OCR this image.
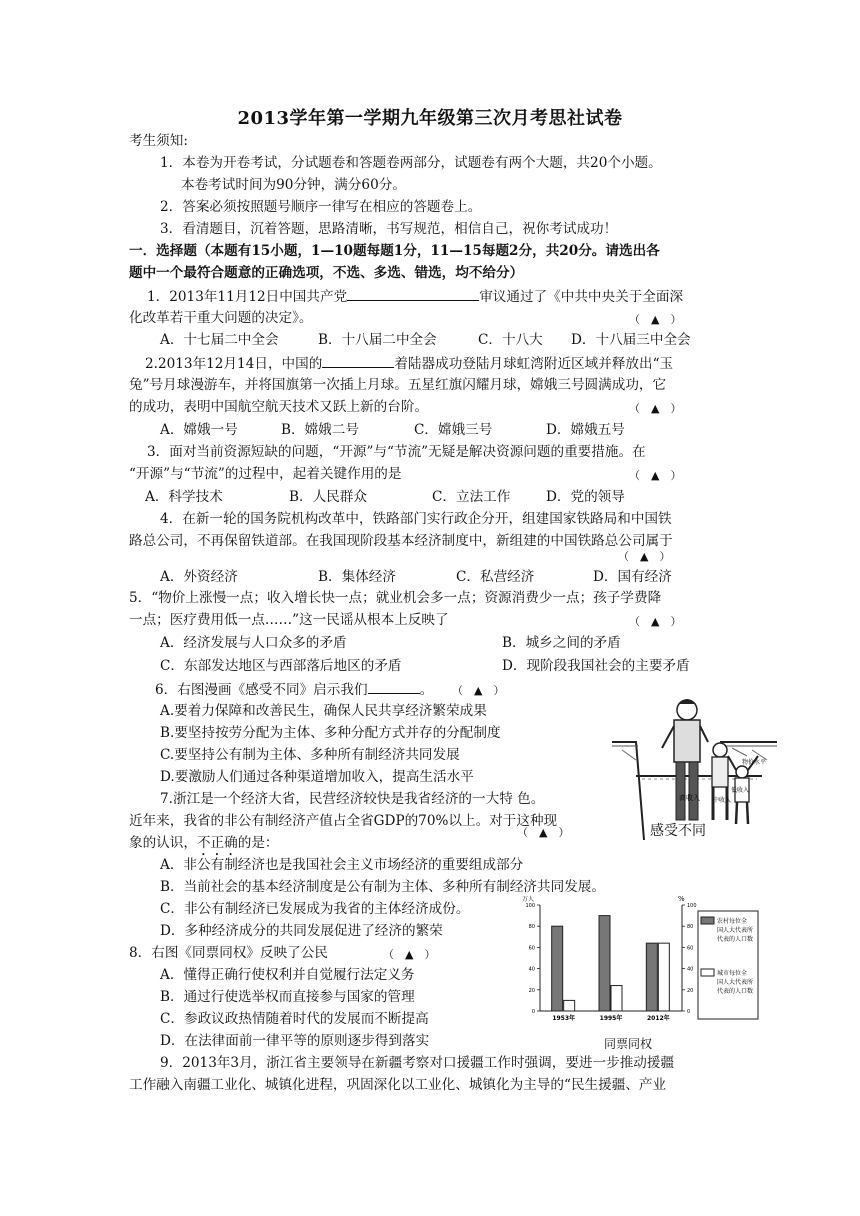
2013学年第一学期九年级第三次月考思社试卷
考生须知:
1．本卷为开卷考试，分试题卷和答题卷两部分，试题卷有两个大题，共20个小题。
本卷考试时间为90分钟，满分60分。
2．答案必须按照题号顺序一律写在相应的答题卷上。
3．看清题目，沉着答题，思路清晰，书写规范，相信自己，祝你考试成功！
一．选择题（本题有15小题，1—10题每题1分，11—15每题2分，共20分。请选出各
题中一个最符合题意的正确选项，不选、多选、错选，均不给分）
1．2013年11月12日中国共产党	审议通过了《中共中央关于全面深
化改革若干重大问题的决定》。	（　▲　）
A．十七届二中全会	B．十八届二中全会	C．十八大 D．十八届三中全会
2.2013年12月14日，中国的	着陆器成功登陆月球虹湾附近区域并释放出“玉
兔”号月球漫游车，并将国旗第一次插上月球。五星红旗闪耀月球，嫦娥三号圆满成功，它
的成功，表明中国航空航天技术又跃上新的台阶。	（　▲　）
A．嫦娥一号	B．嫦娥二号	C．嫦娥三号	D．嫦娥五号
3．面对当前资源短缺的问题，“开源”与“节流”无疑是解决资源问题的重要措施。在
“开源”与“节流”的过程中，起着关键作用的是	（　▲　）
A．科学技术	B．人民群众	C．立法工作	D．党的领导
4．在新一轮的国务院机构改革中，铁路部门实行政企分开，组建国家铁路局和中国铁
路总公司，不再保留铁道部。在我国现阶段基本经济制度中，新组建的中国铁路总公司属于
（　▲　）
A．外资经济	B．集体经济	C．私营经济	D．国有经济
5．“物价上涨慢一点；收入增长快一点；就业机会多一点；资源消费少一点；孩子学费降
一点；医疗费用低一点……”这一民谣从根本上反映了	（　▲　）
A．经济发展与人口众多的矛盾	B．城乡之间的矛盾
C．东部发达地区与西部落后地区的矛盾	D．现阶段我国社会的主要矛盾
6．右图漫画《感受不同》启示我们	。 （　▲　）
A.要着力保障和改善民生，确保人民共享经济繁荣成果
B.要坚持按劳分配为主体、多种分配方式并存的分配制度
C.要坚持公有制为主体、多种所有制经济共同发展
D.要激励人们通过各种渠道增加收入，提高生活水平
高收入 中收入
低收入
物价水平
感受不同
7.浙江是一个经济大省，民营经济较快是我省经济的一大特 色。
近年来，我省的非公有制经济产值占全省GDP的70%以上。对于这种现
象的认识，不正确的是：
（　▲　）
A．非公有制经济也是我国社会主义市场经济的重要组成部分
B．当前社会的基本经济制度是公有制为主体、多种所有制经济共同发展。
C．非公有制经济已发展成为我省的主体经济成份。
D．多种经济成分的共同发展促进了经济的繁荣
万人	%
0	0
20	20
40	40
60	60
80	80
100	100
1953年	1995年	2012年
农村每位全
国人大代表所
代表的人口数
城市每位全
国人大代表所
代表的人口数
同票同权
8．右图《同票同权》反映了公民	（　▲　）
A．懂得正确行使权利并自觉履行法定义务
B．通过行使选举权而直接参与国家的管理
C．参政议政热情随着时代的发展而不断提高
D．在法律面前一律平等的原则逐步得到落实
9．2013年3月，浙江省主要领导在新疆考察对口援疆工作时强调，要进一步推动援疆
工作融入南疆工业化、城镇化进程，巩固深化以工业化、城镇化为主导的“民生援疆、产业
